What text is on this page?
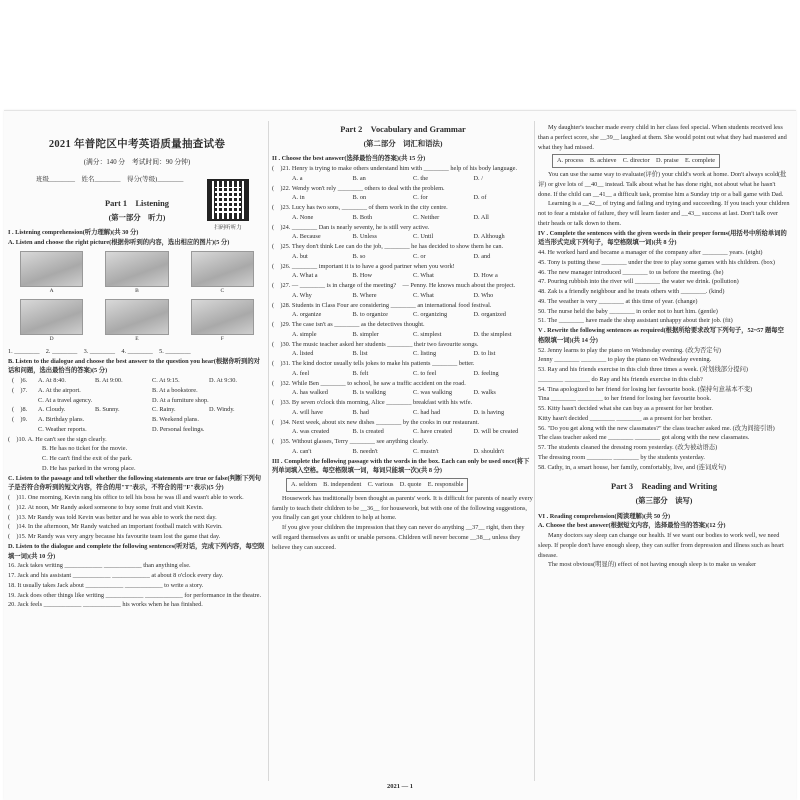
2021 年普陀区中考英语质量抽查试卷
(满分：140 分　考试时间：90 分钟)
班级________　姓名________　得分(等级)________
Part 1　Listening
(第一部分　听力)
I . Listening comprehension(听力理解)(共 30 分)
A. Listen and choose the right picture(根据你听到的内容，选出相应的图片)(5 分)
A	B	C
D	E	F
1. ________　2. ________　3. ________　4. ________　5. ________
B. Listen to the dialogue and choose the best answer to the question you hear(根据你听到的对话和问题，选出最恰当的答案)(5 分)
(　)6.	A. At 8:40.	B. At 9:00.	C. At 9:15.	D. At 9:30.
(　)7.	A. At the airport.	B. At a bookstore.
C. At a travel agency.	D. At a furniture shop.
(　)8.	A. Cloudy.	B. Sunny.	C. Rainy.	D. Windy.
(　)9.	A. Birthday plans.	B. Weekend plans.
C. Weather reports.	D. Personal feelings.
(　)10. A. He can't see the sign clearly.
B. He has no ticket for the movie.
C. He can't find the exit of the park.
D. He has parked in the wrong place.
C. Listen to the passage and tell whether the following statements are true or false(判断下列句子是否符合你听到的短文内容，符合的用"T"表示，不符合的用"F"表示)(5 分)
(　)11. One morning, Kevin rang his office to tell his boss he was ill and wasn't able to work.
(　)12. At noon, Mr Randy asked someone to buy some fruit and visit Kevin.
(　)13. Mr Randy was told Kevin was better and he was able to work the next day.
(　)14. In the afternoon, Mr Randy watched an important football match with Kevin.
(　)15. Mr Randy was very angry because his favourite team lost the game that day.
D. Listen to the dialogue and complete the following sentences(听对话，完成下列内容，每空限填一词)(共 10 分)
16. Jack takes writing ____________ ____________ than anything else.
17. Jack and his assistant ____________ ____________ at about 8 o'clock every day.
18. It usually takes Jack about ____________ ____________ to write a story.
19. Jack does other things like writing ____________ ____________ for performance in the theatre.
20. Jack feels ____________ ____________ his works when he has finished.
扫码听听力
Part 2　Vocabulary and Grammar
(第二部分　词汇和语法)
II . Choose the best answer(选择最恰当的答案)(共 15 分)
(　)21. Henry is trying to make others understand him with ________ help of his body language.
A. a	B. an	C. the	D. /
(　)22. Wendy won't rely ________ others to deal with the problem.
A. in	B. on	C. for	D. of
(　)23. Lucy has two sons, ________ of them work in the city centre.
A. None	B. Both	C. Neither	D. All
(　)24. ________ Dan is nearly seventy, he is still very active.
A. Because	B. Unless	C. Until	D. Although
(　)25. They don't think Lee can do the job, ________ he has decided to show them he can.
A. but	B. so	C. or	D. and
(　)26. ________ important it is to have a good partner when you work!
A. What a	B. How	C. What	D. How a
(　)27. — ________ is in charge of the meeting?　— Penny. He knows much about the project.
A. Why	B. Where	C. What	D. Who
(　)28. Students in Class Four are considering ________ an international food festival.
A. organize	B. to organize	C. organizing	D. organized
(　)29. The case isn't as ________ as the detectives thought.
A. simple	B. simpler	C. simplest	D. the simplest
(　)30. The music teacher asked her students ________ their two favourite songs.
A. listed	B. list	C. listing	D. to list
(　)31. The kind doctor usually tells jokes to make his patients ________ better.
A. feel	B. felt	C. to feel	D. feeling
(　)32. While Ben ________ to school, he saw a traffic accident on the road.
A. has walked	B. is walking	C. was walking	D. walks
(　)33. By seven o'clock this morning, Alice ________ breakfast with his wife.
A. will have	B. had	C. had had	D. is having
(　)34. Next week, about six new dishes ________ by the cooks in our restaurant.
A. was created	B. is created	C. have created	D. will be created
(　)35. Without glasses, Terry ________ see anything clearly.
A. can't	B. needn't	C. mustn't	D. shouldn't
III . Complete the following passage with the words in the box. Each can only be used once(将下列单词填入空格。每空格限填一词，每词只能填一次)(共 8 分)
A. seldom　B. independent　C. various　D. quote　E. responsible
Housework has traditionally been thought as parents' work. It is difficult for parents of nearly every family to teach their children to be __36__ for housework, but with one of the following suggestions, you finally can get your children to help at home.
If you give your children the impression that they can never do anything __37__ right, then they will regard themselves as unfit or unable persons. Children will never become __38__, unless they believe they can succeed.
2021 — 1
My daughter's teacher made every child in her class feel special. When students received less than a perfect score, she __39__ laughed at them. She would point out what they had mastered and what they had missed.
A. process　B. achieve　C. director　D. praise　E. complete
You can use the same way to evaluate(评价) your child's work at home. Don't always scold(批评) or give lots of __40__ instead. Talk about what he has done right, not about what he hasn't done. If the child can __41__ a difficult task, promise him a Sunday trip or a ball game with Dad.
Learning is a __42__ of trying and failing and trying and succeeding. If you teach your children not to fear a mistake of failure, they will learn faster and __43__ success at last. Don't talk over their heads or talk down to them.
IV . Complete the sentences with the given words in their proper forms(用括号中所给单词的适当形式完成下列句子，每空格限填一词)(共 8 分)
44. He worked hard and became a manager of the company after ________ years. (eight)
45. Tony is putting these ________ under the tree to play some games with his children. (box)
46. The new manager introduced ________ to us before the meeting. (he)
47. Pouring rubbish into the river will ________ the water we drink. (pollution)
48. Zak is a friendly neighbour and he treats others with ________. (kind)
49. The weather is very ________ at this time of year. (change)
50. The nurse held the baby ________ in order not to hurt him. (gentle)
51. The ________ have made the shop assistant unhappy about their job. (fit)
V . Rewrite the following sentences as required(根据所给要求改写下列句子，52~57 题每空格限填一词)(共 14 分)
52. Jenny learns to play the piano on Wednesday evening. (改为否定句)
Jenny ________ ________ to play the piano on Wednesday evening.
53. Ray and his friends exercise in this club three times a week. (对划线部分提问)
________ ________ do Ray and his friends exercise in this club?
54. Tina apologized to her friend for losing her favourite book. (保持句意基本不变)
Tina ________ ________ to her friend for losing her favourite book.
55. Kitty hasn't decided what she can buy as a present for her brother.
Kitty hasn't decided ________ ________ as a present for her brother.
56. "Do you get along with the new classmates?" the class teacher asked me. (改为间接引语)
The class teacher asked me ________ ________ got along with the new classmates.
57. The students cleaned the dressing room yesterday. (改为被动语态)
The dressing room ________ ________ by the students yesterday.
58. Cathy, in, a smart house, her family, comfortably, live, and (连词成句)
Part 3　Reading and Writing
(第三部分　读写)
VI . Reading comprehension(阅读理解)(共 50 分)
A. Choose the best answer(根据短文内容，选择最恰当的答案)(12 分)
Many doctors say sleep can change our health. If we want our bodies to work well, we need sleep. If people don't have enough sleep, they can suffer from depression and illness such as heart disease.
The most obvious(明显的) effect of not having enough sleep is to make us weaker
